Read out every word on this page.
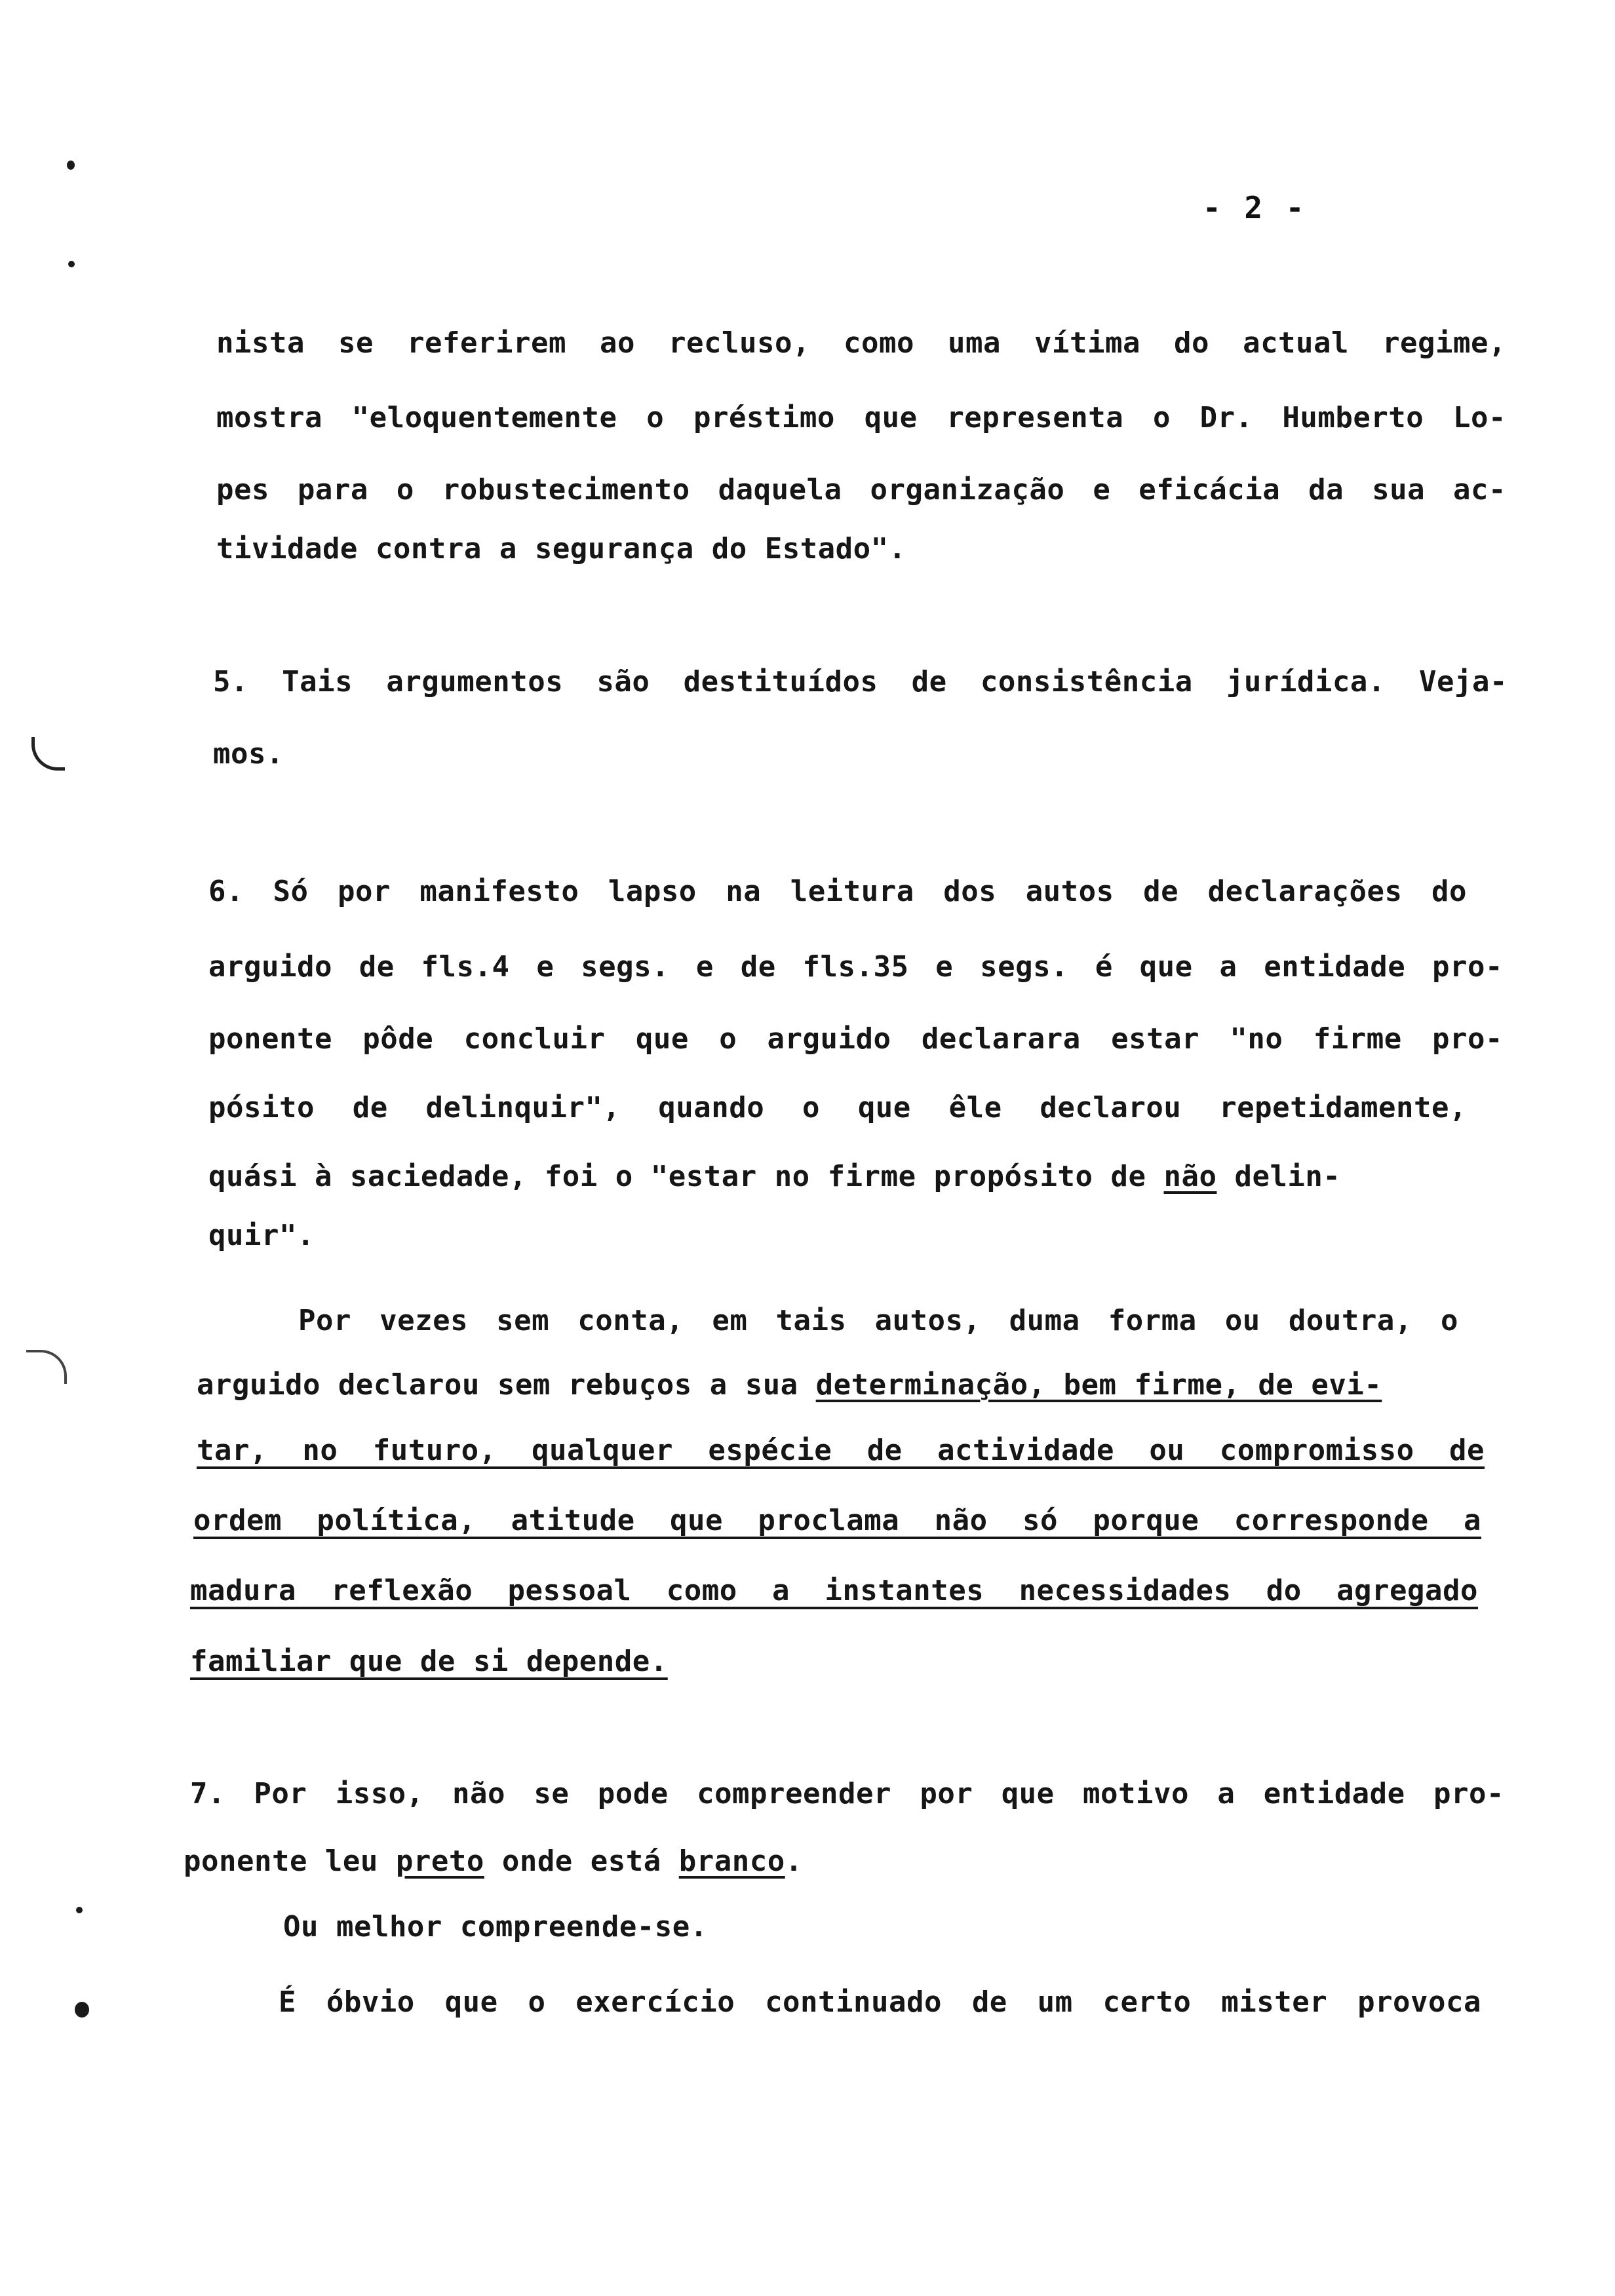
- 2 -
nista se referirem ao recluso, como uma vítima do actual regime,
mostra "eloquentemente o préstimo que representa o Dr. Humberto Lo-
pes para o robustecimento daquela organização e eficácia da sua ac-
tividade contra a segurança do Estado".
5. Tais argumentos são destituídos de consistência jurídica. Veja-
mos.
6. Só por manifesto lapso na leitura dos autos de declarações do
arguido de fls.4 e segs. e de fls.35 e segs. é que a entidade pro-
ponente pôde concluir que o arguido declarara estar "no firme pro-
pósito de delinquir", quando o que êle declarou repetidamente,
quási à saciedade, foi o "estar no firme propósito de não delin-
quir".
Por vezes sem conta, em tais autos, duma forma ou doutra, o
arguido declarou sem rebuços a sua determinação, bem firme, de evi-
tar, no futuro, qualquer espécie de actividade ou compromisso de
ordem política, atitude que proclama não só porque corresponde a
madura reflexão pessoal como a instantes necessidades do agregado
familiar que de si depende.
7. Por isso, não se pode compreender por que motivo a entidade pro-
ponente leu preto onde está branco.
Ou melhor compreende-se.
É óbvio que o exercício continuado de um certo mister provoca
